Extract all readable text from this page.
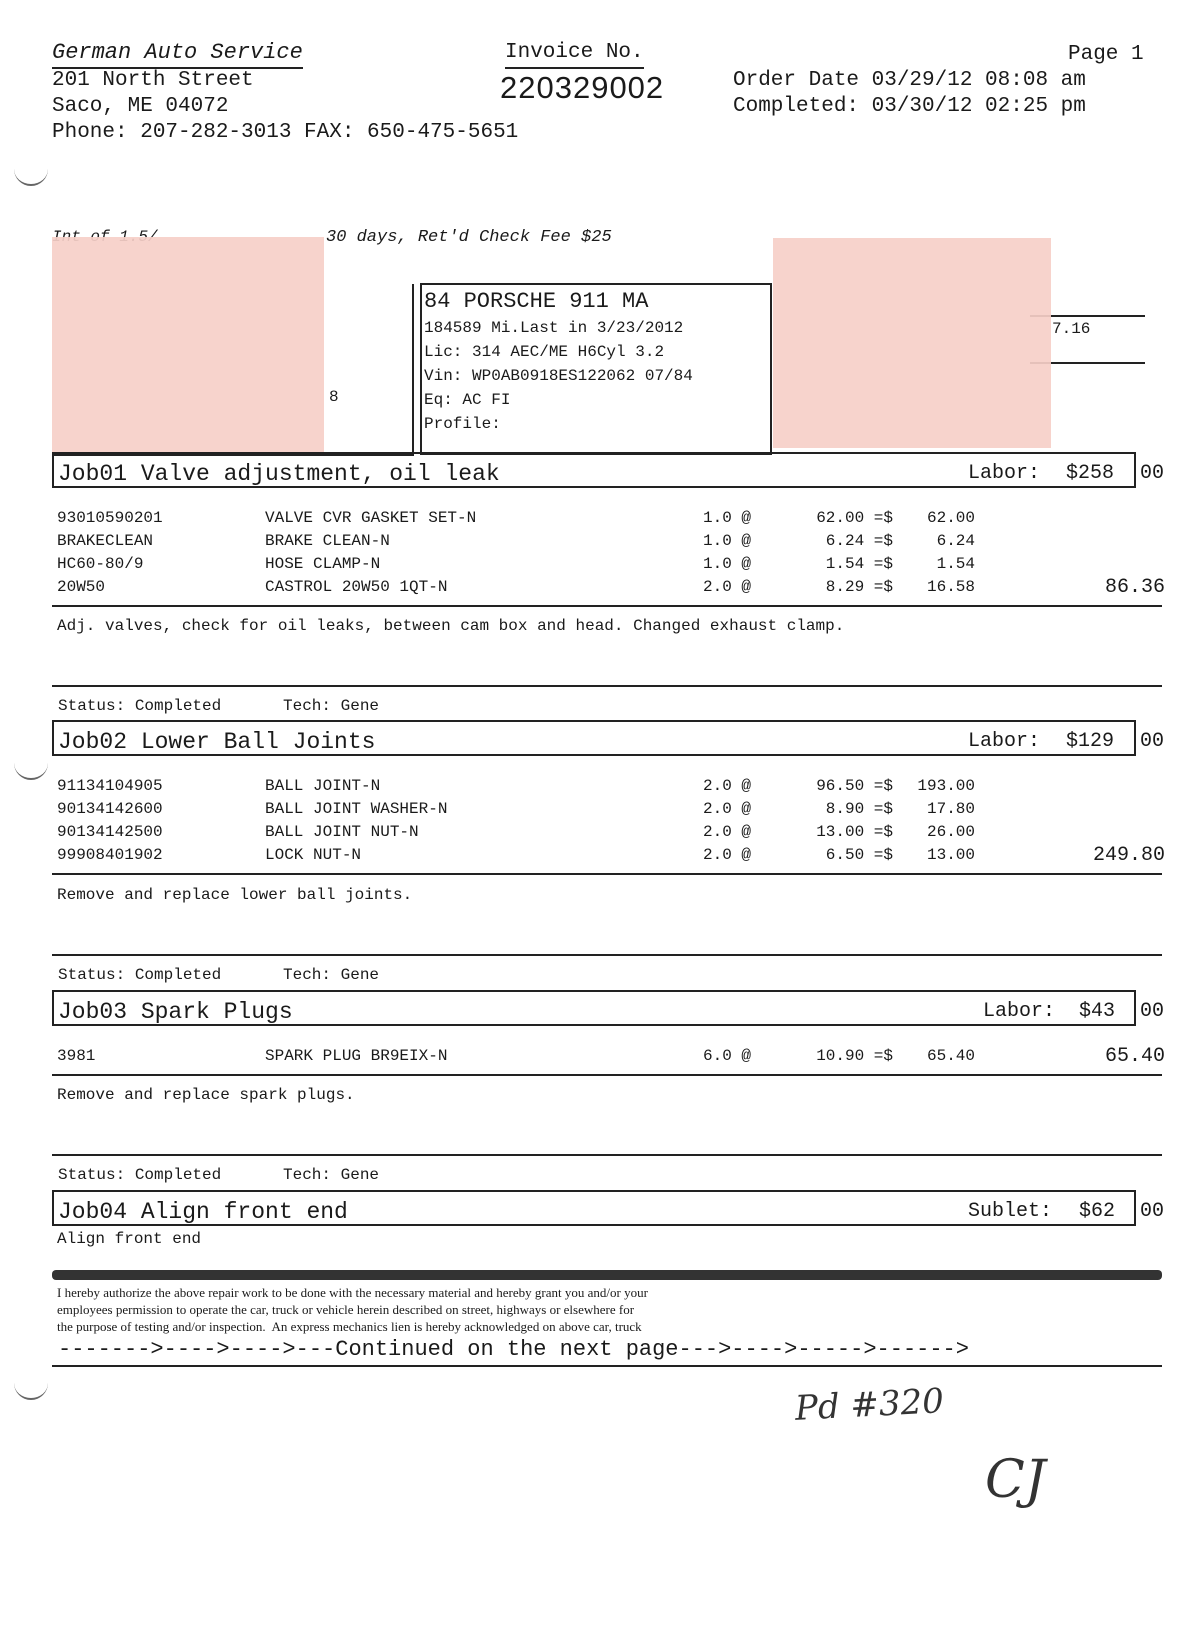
German Auto Service
201 North Street
Saco, ME 04072
Phone: 207-282-3013 FAX: 650-475-5651
Invoice No.
220329002
Page 1
Order Date 03/29/12 08:08 am
Completed: 03/30/12 02:25 pm
30 days, Ret'd Check Fee $25
8
84 PORSCHE 911 MA
184589 Mi.Last in 3/23/2012
Lic: 314 AEC/ME H6Cyl 3.2
Vin: WP0AB0918ES122062 07/84
Eq: AC FI
Profile:
7.16
Job01 Valve adjustment, oil leak	Labor: $258 00
93010590201	VALVE CVR GASKET SET-N	1.0 @	62.00 =$	62.00
BRAKECLEAN	BRAKE CLEAN-N	1.0 @	6.24 =$	6.24
HC60-80/9	HOSE CLAMP-N	1.0 @	1.54 =$	1.54
20W50	CASTROL 20W50 1QT-N	2.0 @	8.29 =$	16.58	86.36
Adj. valves, check for oil leaks, between cam box and head. Changed exhaust clamp.
Status: Completed	Tech: Gene
Job02 Lower Ball Joints	Labor: $129 00
91134104905	BALL JOINT-N	2.0 @	96.50 =$	193.00
90134142600	BALL JOINT WASHER-N	2.0 @	8.90 =$	17.80
90134142500	BALL JOINT NUT-N	2.0 @	13.00 =$	26.00
99908401902	LOCK NUT-N	2.0 @	6.50 =$	13.00	249.80
Remove and replace lower ball joints.
Status: Completed	Tech: Gene
Job03 Spark Plugs	Labor: $43 00
3981	SPARK PLUG BR9EIX-N	6.0 @	10.90 =$	65.40	65.40
Remove and replace spark plugs.
Status: Completed	Tech: Gene
Job04 Align front end	Sublet: $62 00
Align front end
I hereby authorize the above repair work to be done with the necessary material and hereby grant you and/or your
employees permission to operate the car, truck or vehicle herein described on street, highways or elsewhere for
the purpose of testing and/or inspection.  An express mechanics lien is hereby acknowledged on above car, truck
------->---->---->---Continued on the next page--->---->----->------>
Pd #320
CJ
